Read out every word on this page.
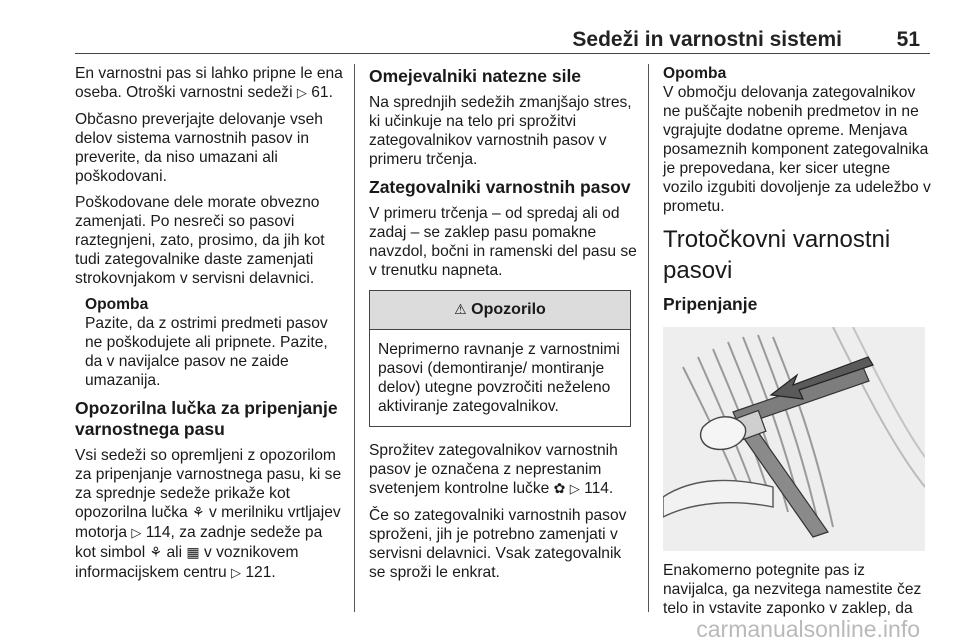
Sedeži in varnostni sistemi	51

En varnostni pas si lahko pripne le ena oseba. Otroški varnostni sedeži ▷ 61.

Občasno preverjajte delovanje vseh delov sistema varnostnih pasov in preverite, da niso umazani ali poškodovani.

Poškodovane dele morate obvezno zamenjati. Po nesreči so pasovi raztegnjeni, zato, prosimo, da jih kot tudi zategovalnike daste zamenjati strokovnjakom v servisni delavnici.

Opomba
Pazite, da z ostrimi predmeti pasov ne poškodujete ali pripnete. Pazite, da v navijalce pasov ne zaide umazanija.
Opozorilna lučka za pripenjanje varnostnega pasu

Vsi sedeži so opremljeni z opozorilom za pripenjanje varnostnega pasu, ki se za sprednje sedeže prikaže kot opozorilna lučka ⚘ v merilniku vrtljajev motorja ▷ 114, za zadnje sedeže pa kot simbol ⚘ ali ▦ v voznikovem informacijskem centru ▷ 121.

Omejevalniki natezne sile

Na sprednjih sedežih zmanjšajo stres, ki učinkuje na telo pri sprožitvi zategovalnikov varnostnih pasov v primeru trčenja.

Zategovalniki varnostnih pasov

V primeru trčenja – od spredaj ali od zadaj – se zaklep pasu pomakne navzdol, bočni in ramenski del pasu se v trenutku napneta.

⚠ Opozorilo
Neprimerno ravnanje z varnostnimi pasovi (demontiranje/ montiranje delov) utegne povzročiti neželeno aktiviranje zategovalnikov.

Sprožitev zategovalnikov varnostnih pasov je označena z neprestanim svetenjem kontrolne lučke ✿ ▷ 114.

Če so zategovalniki varnostnih pasov sproženi, jih je potrebno zamenjati v servisni delavnici. Vsak zategovalnik se sproži le enkrat.

Opomba
V območju delovanja zategovalnikov ne puščajte nobenih predmetov in ne vgrajujte dodatne opreme. Menjava posameznih komponent zategovalnika je prepovedana, ker sicer utegne vozilo izgubiti dovoljenje za udeležbo v prometu.
Trotočkovni varnostni pasovi
Pripenjanje

Enakomerno potegnite pas iz navijalca, ga nezvitega namestite čez telo in vstavite zaponko v zaklep, da

carmanualsonline.info
